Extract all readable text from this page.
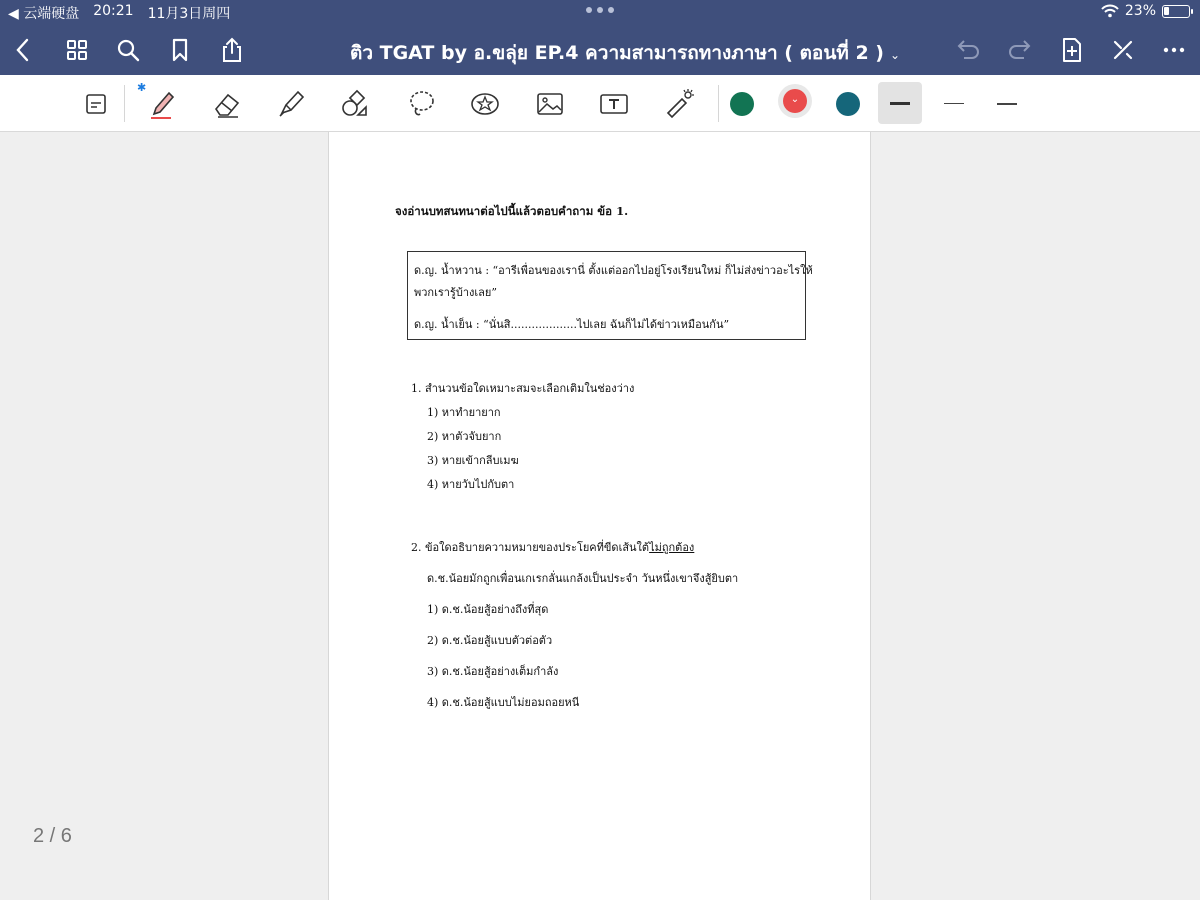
◀ 云端硬盘 20:21 11月3日周四	23%
ติว TGAT by อ.ขลุ่ย EP.4 ความสามารถทางภาษา ( ตอนที่ 2 ) ⌄
✱
⌄
จงอ่านบทสนทนาต่อไปนี้แล้วตอบคำถาม ข้อ 1.

ด.ญ. น้ำหวาน : “อารีเพื่อนของเรานี่ ตั้งแต่ออกไปอยู่โรงเรียนใหม่ ก็ไม่ส่งข่าวอะไรให้

พวกเรารู้บ้างเลย”

ด.ญ. น้ำเย็น : “นั่นสิ...................ไปเลย ฉันก็ไม่ได้ข่าวเหมือนกัน”

1. สำนวนข้อใดเหมาะสมจะเลือกเติมในช่องว่าง
1) หาทำยายาก
2) หาตัวจับยาก
3) หายเข้ากลีบเมฆ
4) หายวับไปกับตา
2. ข้อใดอธิบายความหมายของประโยคที่ขีดเส้นใต้ไม่ถูกต้อง
ด.ช.น้อยมักถูกเพื่อนเกเรกลั่นแกล้งเป็นประจำ วันหนึ่งเขาจึงสู้ยิบตา
1) ด.ช.น้อยสู้อย่างถึงที่สุด
2) ด.ช.น้อยสู้แบบตัวต่อตัว
3) ด.ช.น้อยสู้อย่างเต็มกำลัง
4) ด.ช.น้อยสู้แบบไม่ยอมถอยหนี
2 / 6
